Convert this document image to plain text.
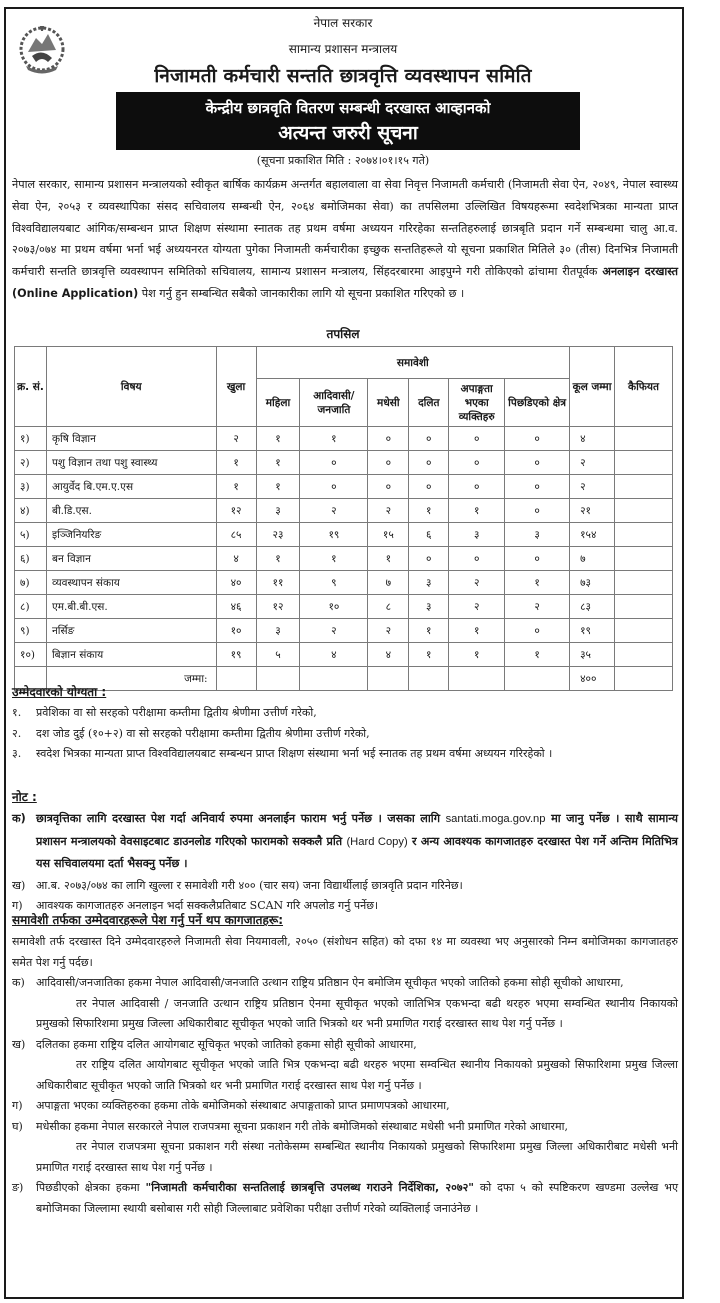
नेपाल सरकार
सामान्य प्रशासन मन्त्रालय
निजामती कर्मचारी सन्तति छात्रवृत्ति व्यवस्थापन समिति
केन्द्रीय छात्रवृति वितरण सम्बन्धी दरखास्त आव्हानको
अत्यन्त जरुरी सूचना
(सूचना प्रकाशित मिति : २०७४।०१।१५ गते)
नेपाल सरकार, सामान्य प्रशासन मन्त्रालयको स्वीकृत बार्षिक कार्यक्रम अन्तर्गत बहालवाला वा सेवा निवृत्त निजामती कर्मचारी (निजामती सेवा ऐन, २०४९, नेपाल स्वास्थ्य सेवा ऐन, २०५३ र व्यवस्थापिका संसद सचिवालय सम्बन्धी ऐन, २०६४ बमोजिमका सेवा) का तपसिलमा उल्लिखित विषयहरूमा स्वदेशभित्रका मान्यता प्राप्त विश्वविद्यालयबाट आंगिक/सम्बन्धन प्राप्त शिक्षण संस्थामा स्नातक तह प्रथम वर्षमा अध्ययन गरिरहेका सन्ततिहरुलाई छात्रबृति प्रदान गर्ने सम्बन्धमा चालु आ.व. २०७३/०७४ मा प्रथम वर्षमा भर्ना भई अध्ययनरत योग्यता पुगेका निजामती कर्मचारीका इच्छुक सन्ततिहरूले यो सूचना प्रकाशित मितिले ३० (तीस) दिनभित्र निजामती कर्मचारी सन्तति छात्रवृत्ति व्यवस्थापन समितिको सचिवालय, सामान्य प्रशासन मन्त्रालय, सिंहदरबारमा आइपुग्ने गरी तोकिएको ढांचामा रीतपूर्वक अनलाइन दरखास्त (Online Application) पेश गर्नु हुन सम्बन्धित सबैको जानकारीका लागि यो सूचना प्रकाशित गरिएको छ ।
तपसिल
क्र. सं.	विषय	खुला	समावेशी						कूल जम्मा	कैफियत
			महिला	आदिवासी/ जनजाति	मधेसी	दलित	अपाङ्गता भएका व्यक्तिहरु	पिछडिएको क्षेत्र		
१)	कृषि विज्ञान	२	१	१	०	०	०	०	४	
२)	पशु विज्ञान तथा पशु स्वास्थ्य	१	१	०	०	०	०	०	२	
३)	आयुर्वेद बि.एम.ए.एस	१	१	०	०	०	०	०	२	
४)	बी.डि.एस.	१२	३	२	२	१	१	०	२१	
५)	इञ्जिनियरिङ	८५	२३	१९	१५	६	३	३	१५४	
६)	बन विज्ञान	४	१	१	१	०	०	०	७	
७)	व्यवस्थापन संकाय	४०	११	९	७	३	२	१	७३	
८)	एम.बी.बी.एस.	४६	१२	१०	८	३	२	२	८३	
९)	नर्सिङ	१०	३	२	२	१	१	०	१९	
१०)	बिज्ञान संकाय	१९	५	४	४	१	१	१	३५	
	जम्मा:								४००	
उम्मेदवारको योग्यता :
१.	प्रवेशिका वा सो सरहको परीक्षामा कम्तीमा द्वितीय श्रेणीमा उत्तीर्ण गरेको,
२.	दश जोड दुई (१०+२) वा सो सरहको परीक्षामा कम्तीमा द्वितीय श्रेणीमा उत्तीर्ण गरेको,
३.	स्वदेश भित्रका मान्यता प्राप्त विश्वविद्यालयबाट सम्बन्धन प्राप्त शिक्षण संस्थामा भर्ना भई स्नातक तह प्रथम वर्षमा अध्ययन गरिरहेको ।
नोट :
क) छात्रवृत्तिका लागि दरखास्त पेश गर्दा अनिवार्य रुपमा अनलाईन फाराम भर्नु पर्नेछ । जसका लागि santati.moga.gov.np मा जानु पर्नेछ । साथै सामान्य प्रशासन मन्त्रालयको वेवसाइटबाट डाउनलोड गरिएको फारामको सक्कलै प्रति (Hard Copy) र अन्य आवश्यक कागजातहरु दरखास्त पेश गर्ने अन्तिम मितिभित्र यस सचिवालयमा दर्ता भैसक्नु पर्नेछ ।
ख) आ.ब. २०७३/०७४ का लागि खुल्ला र समावेशी गरी ४०० (चार सय) जना विद्यार्थीलाई छात्रवृति प्रदान गरिनेछ।
ग)	आवश्यक कागजातहरु अनलाइन भर्दा सक्कलैप्रतिबाट SCAN गरि अपलोड गर्नु पर्नेछ।
समावेशी तर्फका उम्मेदवारहरूले पेश गर्नु पर्ने थप कागजातहरू:
समावेशी तर्फ दरखास्त दिने उम्मेदवारहरुले निजामती सेवा नियमावली, २०५० (संशोधन सहित) को दफा १४ मा व्यवस्था भए अनुसारको निम्न बमोजिमका कागजातहरु समेत पेश गर्नु पर्दछ।
क)	आदिवासी/जनजातिका हकमा नेपाल आदिवासी/जनजाति उत्थान राष्ट्रिय प्रतिष्ठान ऐन बमोजिम सूचीकृत भएको जातिको हकमा सोही सूचीको आधारमा,
तर नेपाल आदिवासी / जनजाति उत्थान राष्ट्रिय प्रतिष्ठान ऐनमा सूचीकृत भएको जातिभित्र एकभन्दा बढी थरहरु भएमा सम्वन्धित स्थानीय निकायको प्रमुखको सिफारिशमा प्रमुख जिल्ला अधिकारीबाट सूचीकृत भएको जाति भित्रको थर भनी प्रमाणित गराई दरखास्त साथ पेश गर्नु पर्नेछ ।
ख) दलितका हकमा राष्ट्रिय दलित आयोगबाट सूचिकृत भएको जातिको हकमा सोही सूचीको आधारमा,
तर राष्ट्रिय दलित आयोगबाट सूचीकृत भएको जाति भित्र एकभन्दा बढी थरहरु भएमा सम्वन्धित स्थानीय निकायको प्रमुखको सिफारिशमा प्रमुख जिल्ला अधिकारीबाट सूचीकृत भएको जाति भित्रको थर भनी प्रमाणित गराई दरखास्त साथ पेश गर्नु पर्नेछ ।
ग)	अपाङ्गता भएका व्यक्तिहरुका हकमा तोके बमोजिमको संस्थाबाट अपाङ्गताको प्राप्त प्रमाणपत्रको आधारमा,
घ)	मधेसीका हकमा नेपाल सरकारले नेपाल राजपत्रमा सूचना प्रकाशन गरी तोके बमोजिमको संस्थाबाट मधेसी भनी प्रमाणित गरेको आधारमा,
तर नेपाल राजपत्रमा सूचना प्रकाशन गरी संस्था नतोकेसम्म सम्बन्धित स्थानीय निकायको प्रमुखको सिफारिशमा प्रमुख जिल्ला अधिकारीबाट मधेसी भनी प्रमाणित गराई दरखास्त साथ पेश गर्नु पर्नेछ ।
ङ)	पिछडीएको क्षेत्रका हकमा "निजामती कर्मचारीका सन्ततिलाई छात्रबृत्ति उपलब्ध गराउने निर्देशिका, २०७२" को दफा ५ को स्पष्टिकरण खण्डमा उल्लेख भए बमोजिमका जिल्लामा स्थायी बसोबास गरी सोही जिल्लाबाट प्रवेशिका परीक्षा उत्तीर्ण गरेको व्यक्तिलाई जनाउंनेछ ।
